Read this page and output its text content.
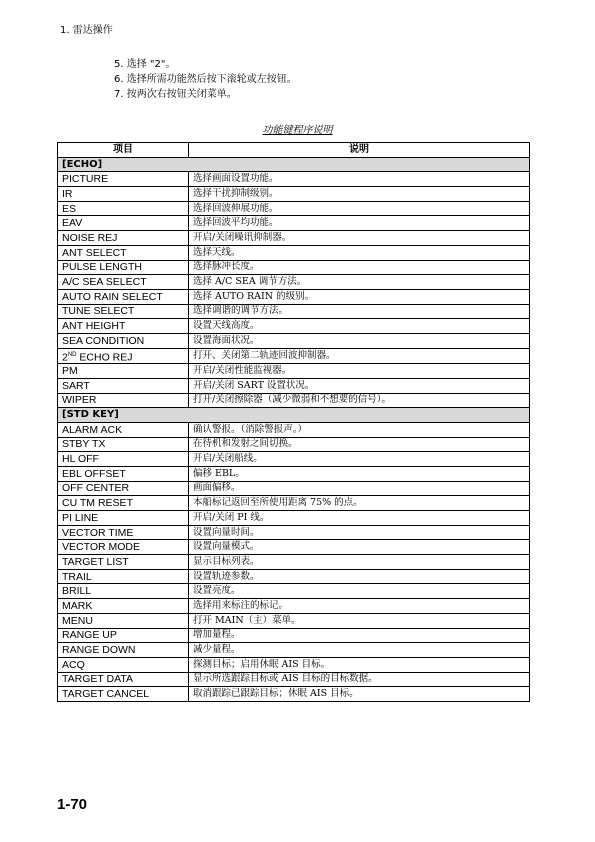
1. 雷达操作
5. 选择 "2"。
6. 选择所需功能然后按下滚轮或左按钮。
7. 按两次右按钮关闭菜单。
功能键程序说明
项目	说明
[ECHO]	
PICTURE	选择画面设置功能。
IR	选择干扰抑制级别。
ES	选择回波伸展功能。
EAV	选择回波平均功能。
NOISE REJ	开启/关闭噪讯抑制器。
ANT SELECT	选择天线。
PULSE LENGTH	选择脉冲长度。
A/C SEA SELECT	选择 A/C SEA 调节方法。
AUTO RAIN SELECT	选择 AUTO RAIN 的级别。
TUNE SELECT	选择调谐的调节方法。
ANT HEIGHT	设置天线高度。
SEA CONDITION	设置海面状况。
2ND ECHO REJ	打开、关闭第二轨迹回波抑制器。
PM	开启/关闭性能监视器。
SART	开启/关闭 SART 设置状况。
WIPER	打开/关闭擦除器（减少微弱和不想要的信号）。
[STD KEY]	
ALARM ACK	确认警报。（消除警报声。）
STBY TX	在待机和发射之间切换。
HL OFF	开启/关闭船线。
EBL OFFSET	偏移 EBL。
OFF CENTER	画面偏移。
CU TM RESET	本船标记返回至所使用距离 75% 的点。
PI LINE	开启/关闭 PI 线。
VECTOR TIME	设置向量时间。
VECTOR MODE	设置向量模式。
TARGET LIST	显示目标列表。
TRAIL	设置轨迹参数。
BRILL	设置亮度。
MARK	选择用来标注的标记。
MENU	打开 MAIN（主）菜单。
RANGE UP	增加量程。
RANGE DOWN	减少量程。
ACQ	探测目标；启用休眠 AIS 目标。
TARGET DATA	显示所选跟踪目标或 AIS 目标的目标数据。
TARGET CANCEL	取消跟踪已跟踪目标；休眠 AIS 目标。
1-70
